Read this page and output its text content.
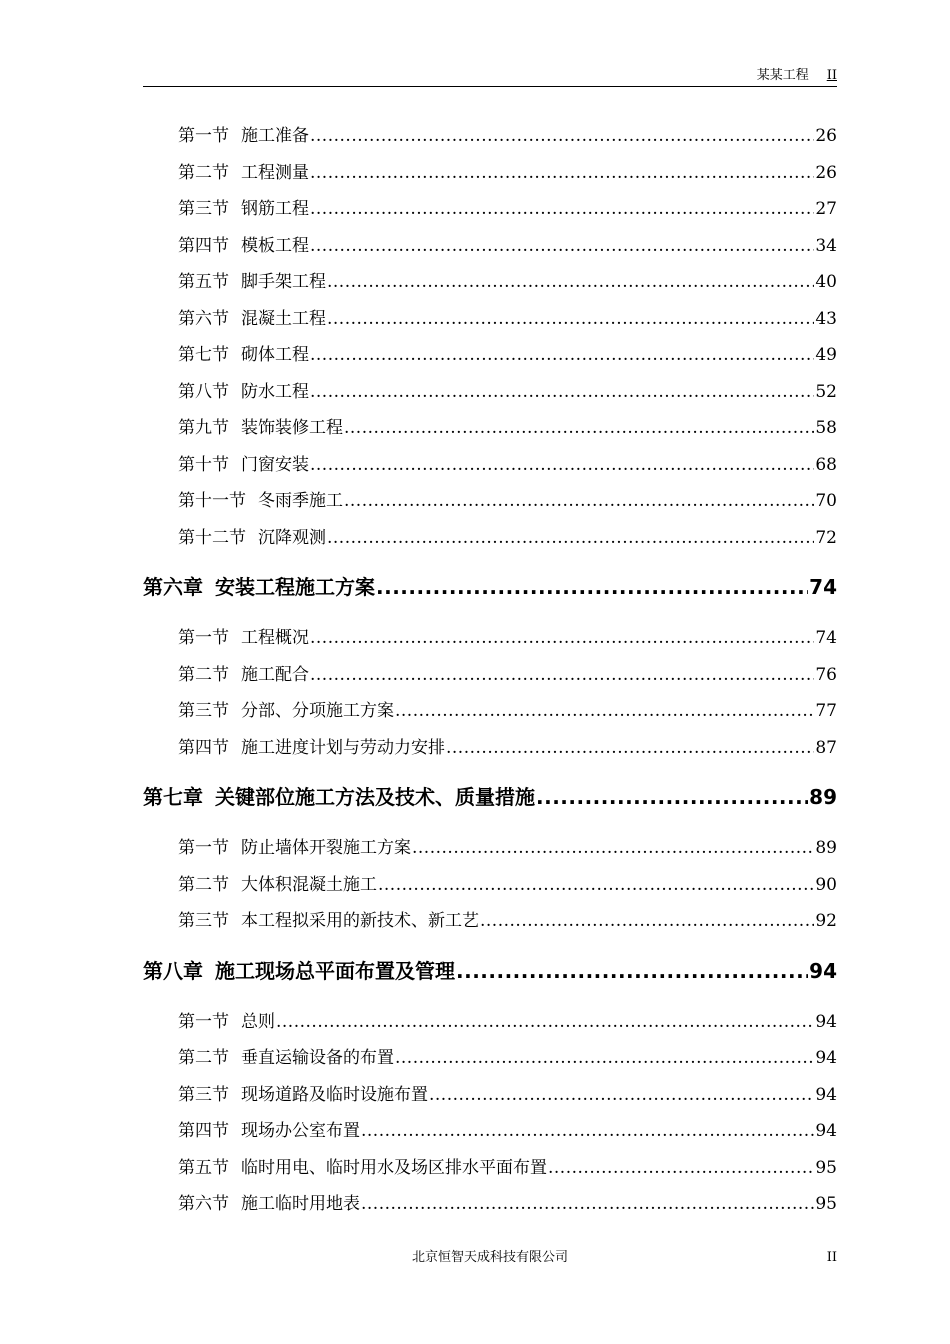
某某工程 II
第一节 施工准备 .....	26
第二节 工程测量 .....	26
第三节 钢筋工程 .....	27
第四节 模板工程 .....	34
第五节 脚手架工程 .....	40
第六节 混凝土工程 .....	43
第七节 砌体工程 .....	49
第八节 防水工程 .....	52
第九节 装饰装修工程 .....	58
第十节 门窗安装 .....	68
第十一节 冬雨季施工 .....	70
第十二节 沉降观测 .....	72
第六章 安装工程施工方案 .....	74
第一节 工程概况 .....	74
第二节 施工配合 .....	76
第三节 分部、分项施工方案 .....	77
第四节 施工进度计划与劳动力安排 .....	87
第七章 关键部位施工方法及技术、质量措施 .....	89
第一节 防止墙体开裂施工方案 .....	89
第二节 大体积混凝土施工 .....	90
第三节 本工程拟采用的新技术、新工艺 .....	92
第八章 施工现场总平面布置及管理 .....	94
第一节 总则 .....	94
第二节 垂直运输设备的布置 .....	94
第三节 现场道路及临时设施布置 .....	94
第四节 现场办公室布置 .....	94
第五节 临时用电、临时用水及场区排水平面布置 .....	95
第六节 施工临时用地表 .....	95
北京恒智天成科技有限公司	II
